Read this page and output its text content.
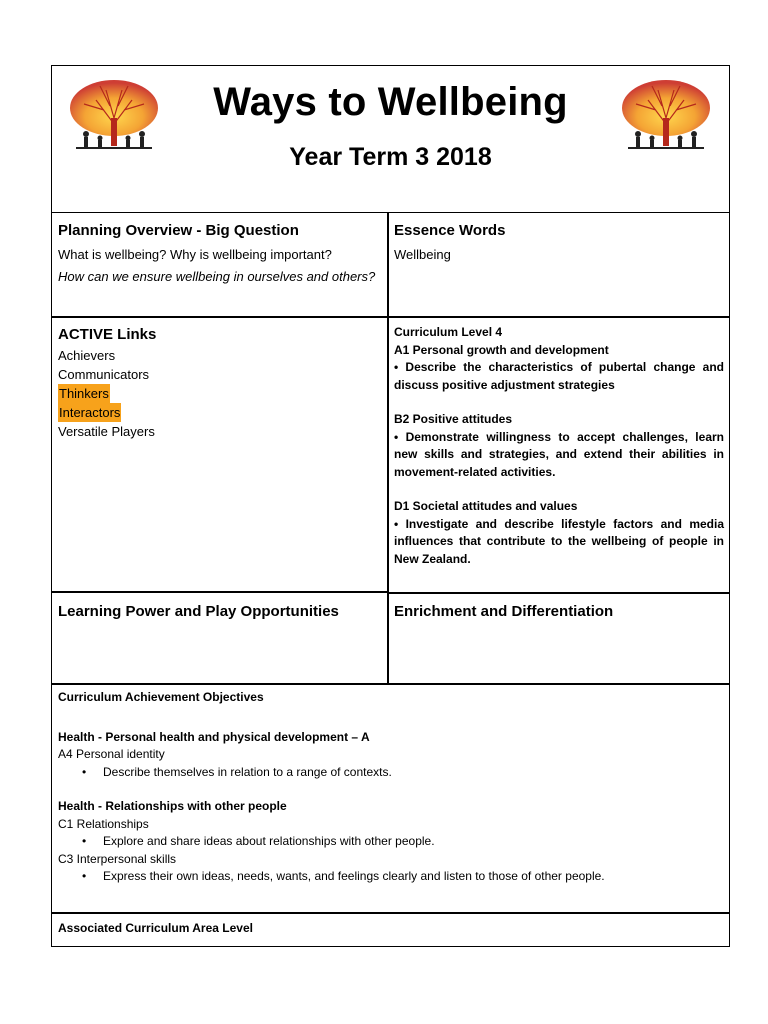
Ways to Wellbeing
Year Term 3 2018
Planning Overview - Big Question
What is wellbeing? Why is wellbeing important?
How can we ensure wellbeing in ourselves and others?
Essence Words
Wellbeing
ACTIVE Links
Achievers
Communicators
Thinkers
Interactors
Versatile Players
Curriculum Level 4
A1 Personal growth and development
• Describe the characteristics of pubertal change and discuss positive adjustment strategies
B2 Positive attitudes
• Demonstrate willingness to accept challenges, learn new skills and strategies, and extend their abilities in movement-related activities.
D1 Societal attitudes and values
• Investigate and describe lifestyle factors and media influences that contribute to the wellbeing of people in New Zealand.
Learning Power and Play Opportunities	Enrichment and Differentiation
Curriculum Achievement Objectives
Health - Personal health and physical development – A
A4 Personal identity
• Describe themselves in relation to a range of contexts.
Health - Relationships with other people
C1 Relationships
• Explore and share ideas about relationships with other people.
C3 Interpersonal skills
• Express their own ideas, needs, wants, and feelings clearly and listen to those of other people.
Associated Curriculum Area Level
